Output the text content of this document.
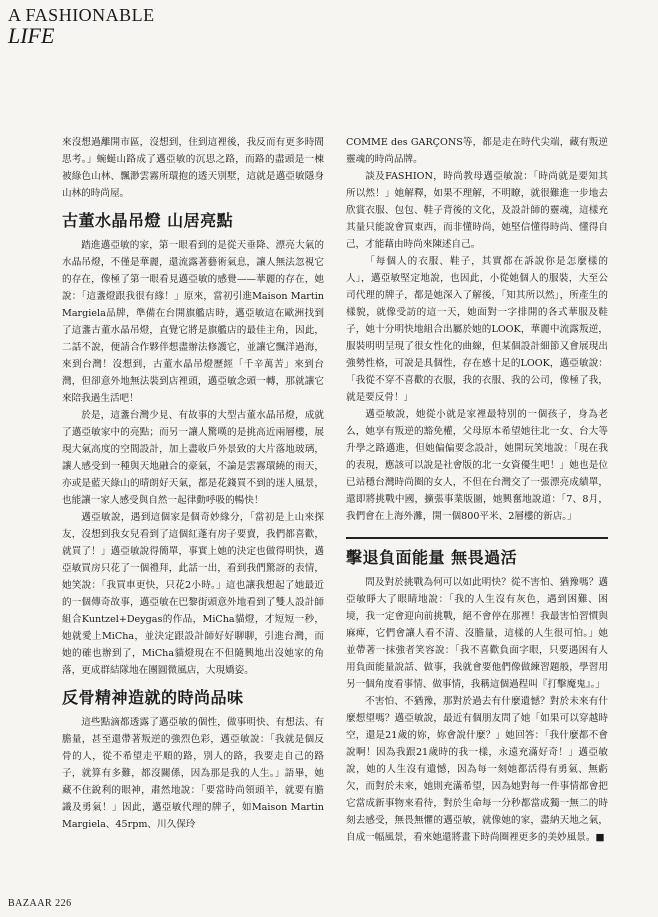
A FASHIONABLE
LIFE

來沒想過離開市區，沒想到，住到這裡後，我反而有更多時間思考。」蜿蜒山路成了邁亞敏的沉思之路，而路的盡頭是一棟被綠色山林、飄渺雲霧所環抱的透天別墅，這就是邁亞敏隱身山林的時尚屋。

古董水晶吊燈 山居亮點

踏進邁亞敏的家，第一眼看到的是從天垂降、漂亮大氣的水晶吊燈，不僅是華麗，還流露著藝術氣息，讓人無法忽視它的存在，像極了第一眼看見邁亞敏的感覺——華麗的存在，她說：「這盞燈跟我很有緣！」原來，當初引進Maison Martin Margiela品牌，準備在台開旗艦店時，邁亞敏這在歐洲找到了這盞古董水晶吊燈，直覺它將是旗艦店的最佳主角，因此，二話不說，便請合作夥伴想盡辦法修護它，並讓它飄洋過海，來到台灣！沒想到，古董水晶吊燈歷經「千辛萬苦」來到台灣，但卻意外地無法裝到店裡頭，邁亞敏念頭一轉，那就讓它來陪我過生活吧！

於是，這盞台灣少見、有故事的大型古董水晶吊燈，成就了邁亞敏家中的亮點；而另一讓人驚嘆的是挑高近兩層樓，展現大氣高度的空間設計，加上盡收戶外景致的大片落地玻璃，讓人感受到一種與天地融合的豪氣，不論是雲霧環繞的雨天，亦或是藍天綠山的晴朗好天氣，都是花錢買不到的迷人風景，也能讓一家人感受與自然一起律動呼吸的暢快！

邁亞敏說，遇到這個家是個奇妙緣分，「當初是上山來探友，沒想到我女兒看到了這個紅蓬有房子要賣，我們都喜歡，就買了！」邁亞敏說得簡單，事實上她的決定也做得明快，邁亞敏買房只花了一個禮拜，此話一出，看到我們驚訝的表情，她笑說：「我買車更快，只花2小時。」這也讓我想起了她最近的一個傳奇故事，邁亞敏在巴黎街頭意外地看到了雙人設計師組合Kuntzel+Deygas的作品，MiCha貓燈，才短短一秒，她就愛上MiCha，並決定跟設計師好好聊聊，引進台灣，而她的確也辦到了，MiCha貓燈現在不但隨興地出沒她家的角落，更成群結隊地在團圓微風店，大現嬌姿。

反骨精神造就的時尚品味

這些點滴都透露了邁亞敏的個性，做事明快、有想法、有膽量，甚至還帶著叛逆的強烈色彩，邁亞敏說：「我就是個反骨的人，從不希望走平順的路，別人的路，我要走自己的路子，就算有多難，都沒關係，因為那是我的人生。」語畢，她藏不住銳利的眼神，肅然地說：「要當時尚領頭羊，就要有膽識及勇氣！」因此，邁亞敏代理的牌子，如Maison Martin Margiela、45rpm、川久保玲

COMME des GARÇONS等，都是走在時代尖端，藏有叛逆靈魂的時尚品牌。

談及FASHION，時尚教母邁亞敏說：「時尚就是要知其所以然！」她解釋，如果不理解，不明瞭，就很難進一步地去欣賞衣服、包包、鞋子背後的文化，及設計師的靈魂，這樣充其量只能說會買東西，而非懂時尚，她堅信懂得時尚、懂得自己，才能藉由時尚來陳述自己。

「每個人的衣服、鞋子，其實都在訴說你是怎麼樣的人」，邁亞敏堅定地說，也因此，小從她個人的服裝，大至公司代理的牌子，都是她深入了解後，「知其所以然」，所產生的樣貌，就像受訪的這一天，她面對一字排開的各式華服及鞋子，她十分明快地組合出屬於她的LOOK，華麗中流露叛逆，服裝明明呈現了很女性化的曲線，但某個設計細節又會展現出強勢性格，可說是具個性，存在感十足的LOOK，邁亞敏說：「我從不穿不喜歡的衣服，我的衣服、我的公司，像極了我，就是要反骨！」

邁亞敏說，她從小就是家裡最特別的一個孩子，身為老么，她享有叛逆的豁免權，父母原本希望她往北一女、台大等升學之路邁進，但她偏偏要念設計，她開玩笑地說：「現在我的表現，應該可以說是社會版的北一女資優生吧！」她也是位已站穩台灣時尚圈的女人，不但在台灣交了一張漂亮成績單，還即將挑戰中國，擴張事業版圖，她興奮地說道：「7、8月，我們會在上海外灘，開一個800平米、2層樓的新店。」

擊退負面能量 無畏過活

問及對於挑戰為何可以如此明快？從不害怕、猶豫嗎？邁亞敏睜大了眼睛地說：「我的人生沒有灰色，遇到困難、困境，我一定會迎向前挑戰，絕不會停在那裡！我最害怕習慣與麻痺，它們會讓人看不清、沒膽量，這樣的人生很可怕。」她並帶著一抹強者笑容說：「我不喜歡負面字眼，只要遇困有人用負面能量說話、做事，我就會要他們像做練習題般，學習用另一個角度看事情、做事情，我稱這個過程叫『打擊魔鬼』。」

不害怕、不猶豫，那對於過去有什麼遺憾？對於未來有什麼想望嗎？邁亞敏說，最近有個朋友問了她「如果可以穿越時空，還是21歲的妳，妳會說什麼？」她回答：「我什麼都不會說啊！因為我跟21歲時的我一樣，永遠充滿好奇！」邁亞敏說，她的人生沒有遺憾，因為每一刻她都活得有勇氣、無虧欠，而對於未來，她則充滿希望，因為她對每一件事情都會把它當成新事物來看待，對於生命每一分秒都當成獨一無二的時刻去感受，無畏無懼的邁亞敏，就像她的家，盡納天地之氣，自成一幅風景，看來她還將畫下時尚圈裡更多的美妙風景。■

BAZAAR 226
